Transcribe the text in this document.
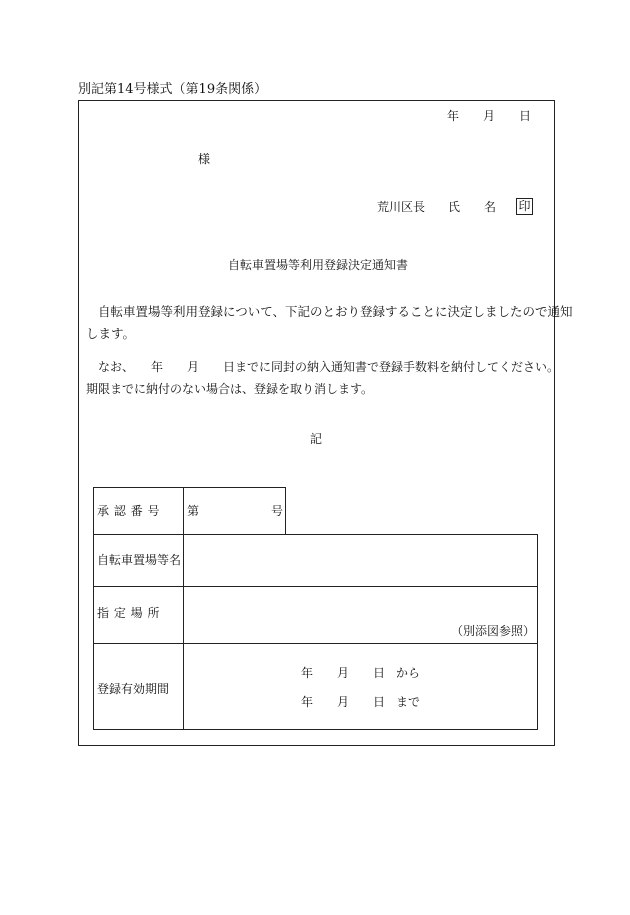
別記第14号様式（第19条関係）
年 月 日
様
荒川区長 氏 名 印
自転車置場等利用登録決定通知書
自転車置場等利用登録について、下記のとおり登録することに決定しましたので通知
します。
なお、 年 月 日までに同封の納入通知書で登録手数料を納付してください。
期限までに納付のない場合は、登録を取り消します。
記
承 認 番 号 第	号
自転車置場等名
指 定 場 所
（別添図参照）
登録有効期間
年 月 日 から
年 月 日 まで
